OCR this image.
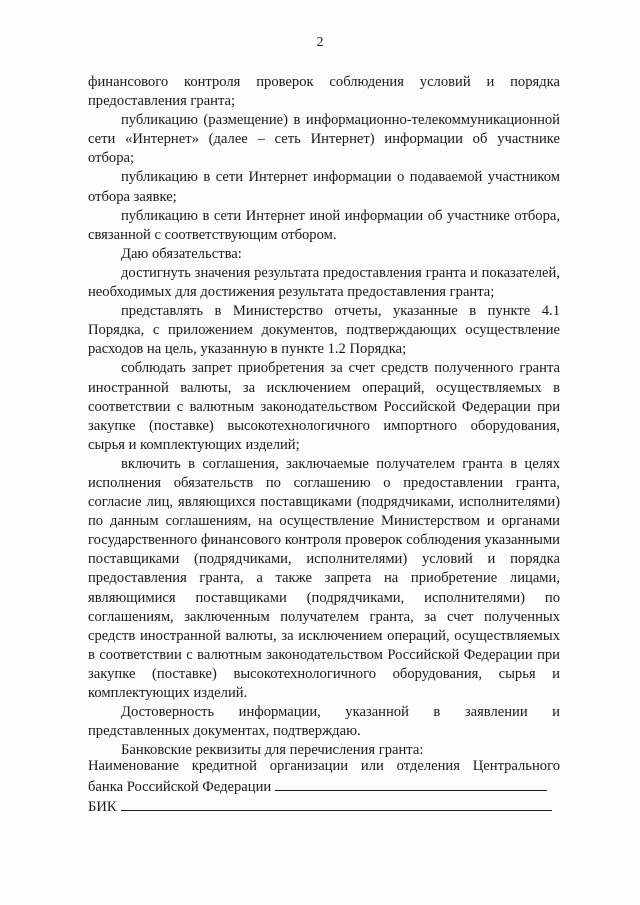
2

финансового контроля проверок соблюдения условий и порядка предоставления гранта;

публикацию (размещение) в информационно-телекоммуникационной сети «Интернет» (далее – сеть Интернет) информации об участнике отбора;

публикацию в сети Интернет информации о подаваемой участником отбора заявке;

публикацию в сети Интернет иной информации об участнике отбора, связанной с соответствующим отбором.

Даю обязательства:

достигнуть значения результата предоставления гранта и показателей, необходимых для достижения результата предоставления гранта;

представлять в Министерство отчеты, указанные в пункте 4.1 Порядка, с приложением документов, подтверждающих осуществление расходов на цель, указанную в пункте 1.2 Порядка;

соблюдать запрет приобретения за счет средств полученного гранта иностранной валюты, за исключением операций, осуществляемых в соответствии с валютным законодательством Российской Федерации при закупке (поставке) высокотехнологичного импортного оборудования, сырья и комплектующих изделий;

включить в соглашения, заключаемые получателем гранта в целях исполнения обязательств по соглашению о предоставлении гранта, согласие лиц, являющихся поставщиками (подрядчиками, исполнителями) по данным соглашениям, на осуществление Министерством и органами государственного финансового контроля проверок соблюдения указанными поставщиками (подрядчиками, исполнителями) условий и порядка предоставления гранта, а также запрета на приобретение лицами, являющимися поставщиками (подрядчиками, исполнителями) по соглашениям, заключенным получателем гранта, за счет полученных средств иностранной валюты, за исключением операций, осуществляемых в соответствии с валютным законодательством Российской Федерации при закупке (поставке) высокотехнологичного оборудования, сырья и комплектующих изделий.

Достоверность информации, указанной в заявлении и представленных документах, подтверждаю.

Банковские реквизиты для перечисления гранта:

Наименование кредитной организации или отделения Центрального
банка Российской Федерации
БИК
